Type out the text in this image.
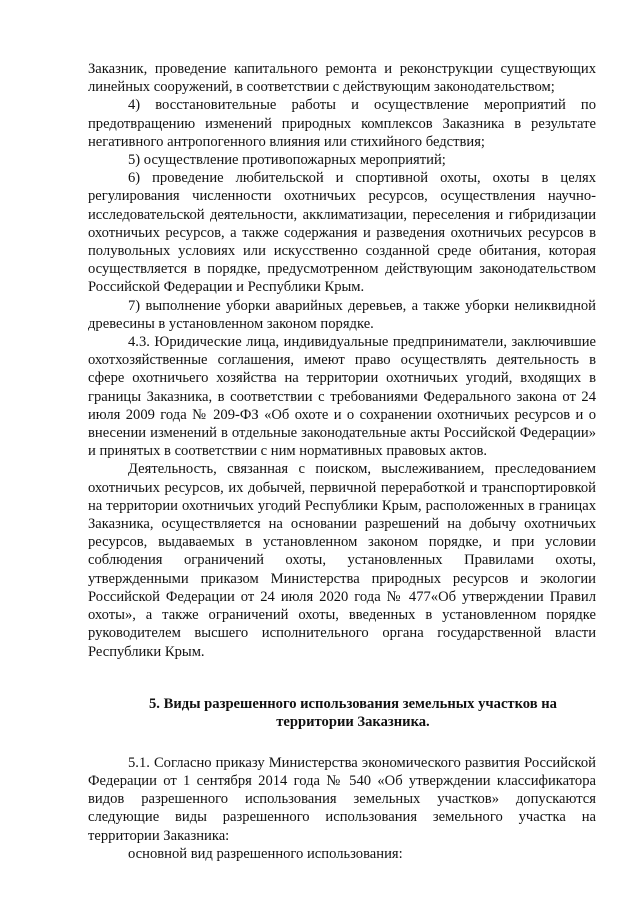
Заказник, проведение капитального ремонта и реконструкции существующих линейных сооружений, в соответствии с действующим законодательством;

4) восстановительные работы и осуществление мероприятий по предотвращению изменений природных комплексов Заказника в результате негативного антропогенного влияния или стихийного бедствия;

5) осуществление противопожарных мероприятий;

6) проведение любительской и спортивной охоты, охоты в целях регулирования численности охотничьих ресурсов, осуществления научно-исследовательской деятельности, акклиматизации, переселения и гибридизации охотничьих ресурсов, а также содержания и разведения охотничьих ресурсов в полувольных условиях или искусственно созданной среде обитания, которая осуществляется в порядке, предусмотренном действующим законодательством Российской Федерации и Республики Крым.

7) выполнение уборки аварийных деревьев, а также уборки неликвидной древесины в установленном законом порядке.

4.3. Юридические лица, индивидуальные предприниматели, заключившие охотхозяйственные соглашения, имеют право осуществлять деятельность в сфере охотничьего хозяйства на территории охотничьих угодий, входящих в границы Заказника, в соответствии с требованиями Федерального закона от 24 июля 2009 года № 209-ФЗ «Об охоте и о сохранении охотничьих ресурсов и о внесении изменений в отдельные законодательные акты Российской Федерации» и принятых в соответствии с ним нормативных правовых актов.

Деятельность, связанная с поиском, выслеживанием, преследованием охотничьих ресурсов, их добычей, первичной переработкой и транспортировкой на территории охотничьих угодий Республики Крым, расположенных в границах Заказника, осуществляется на основании разрешений на добычу охотничьих ресурсов, выдаваемых в установленном законом порядке, и при условии соблюдения ограничений охоты, установленных Правилами охоты, утвержденными приказом Министерства природных ресурсов и экологии Российской Федерации от 24 июля 2020 года № 477«Об утверждении Правил охоты», а также ограничений охоты, введенных в установленном порядке руководителем высшего исполнительного органа государственной власти Республики Крым.

5. Виды разрешенного использования земельных участков на территории Заказника.

5.1. Согласно приказу Министерства экономического развития Российской Федерации от 1 сентября 2014 года № 540 «Об утверждении классификатора видов разрешенного использования земельных участков» допускаются следующие виды разрешенного использования земельного участка на территории Заказника:

основной вид разрешенного использования:
